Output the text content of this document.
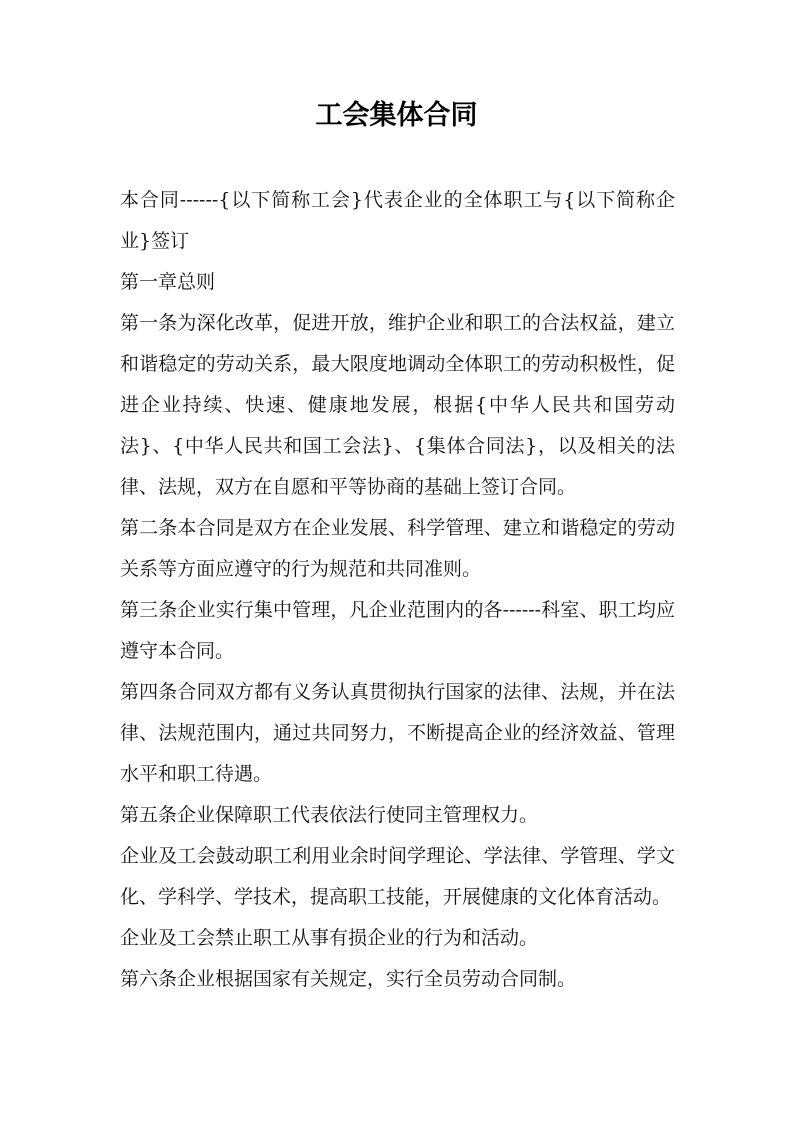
工会集体合同

本合同------{以下简称工会}代表企业的全体职工与{以下简称企业}签订

第一章总则

第一条为深化改革，促进开放，维护企业和职工的合法权益，建立和谐稳定的劳动关系，最大限度地调动全体职工的劳动积极性，促进企业持续、快速、健康地发展，根据{中华人民共和国劳动法}、{中华人民共和国工会法}、{集体合同法}，以及相关的法律、法规，双方在自愿和平等协商的基础上签订合同。

第二条本合同是双方在企业发展、科学管理、建立和谐稳定的劳动关系等方面应遵守的行为规范和共同准则。

第三条企业实行集中管理，凡企业范围内的各------科室、职工均应遵守本合同。

第四条合同双方都有义务认真贯彻执行国家的法律、法规，并在法律、法规范围内，通过共同努力，不断提高企业的经济效益、管理水平和职工待遇。

第五条企业保障职工代表依法行使同主管理权力。

企业及工会鼓动职工利用业余时间学理论、学法律、学管理、学文化、学科学、学技术，提高职工技能，开展健康的文化体育活动。

企业及工会禁止职工从事有损企业的行为和活动。

第六条企业根据国家有关规定，实行全员劳动合同制。
